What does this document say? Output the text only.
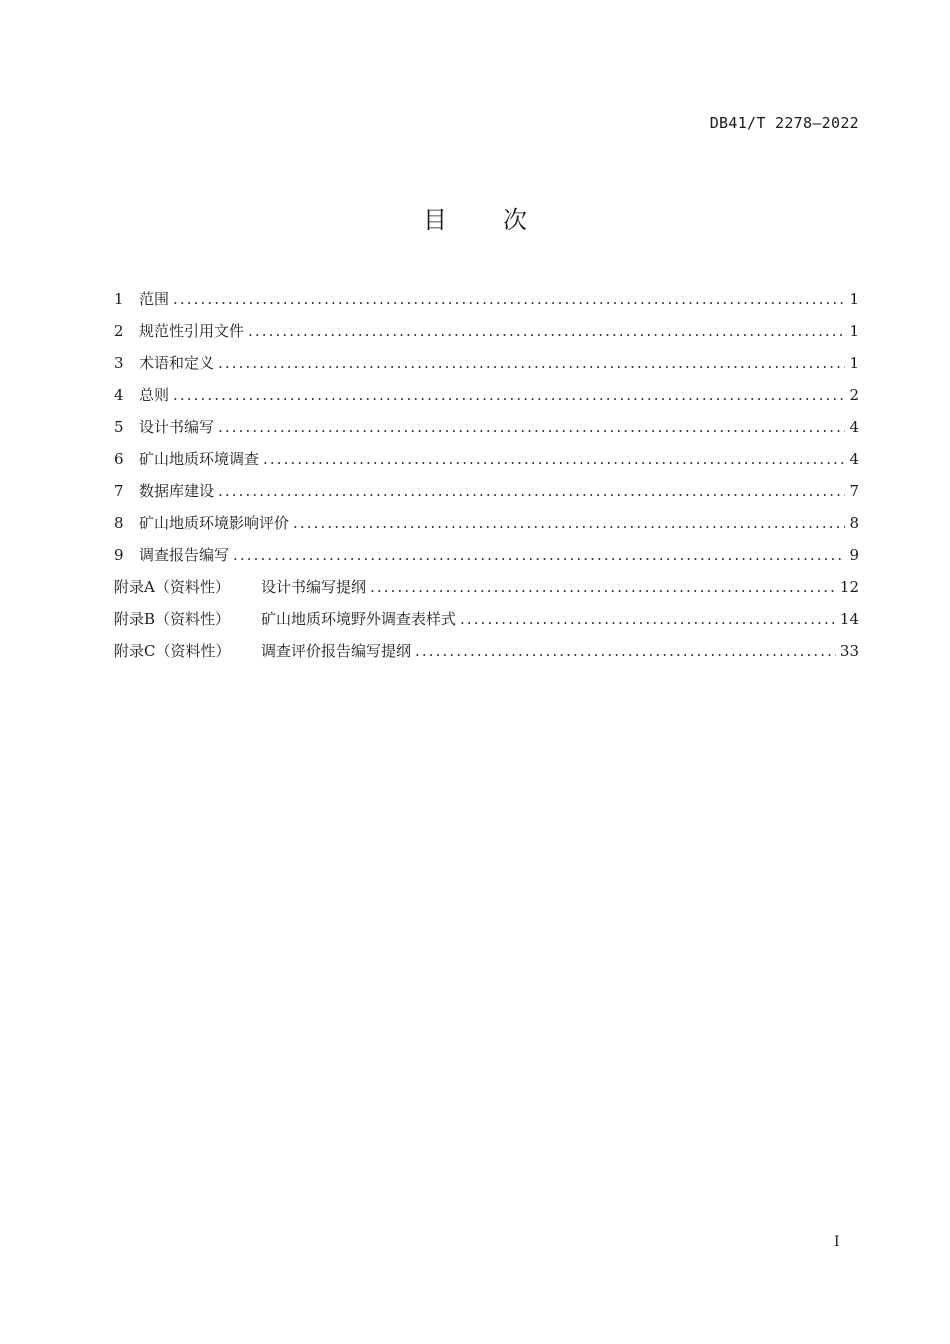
DB41/T 2278—2022
目次
1	范围 .....	1
2	规范性引用文件 .....	1
3	术语和定义 .....	1
4	总则 .....	2
5	设计书编写 .....	4
6	矿山地质环境调查 .....	4
7	数据库建设 .....	7
8	矿山地质环境影响评价 .....	8
9	调查报告编写 .....	9
附录A（资料性）	设计书编写提纲 .....	12
附录B（资料性）	矿山地质环境野外调查表样式 .....	14
附录C（资料性）	调查评价报告编写提纲 .....	33
I
